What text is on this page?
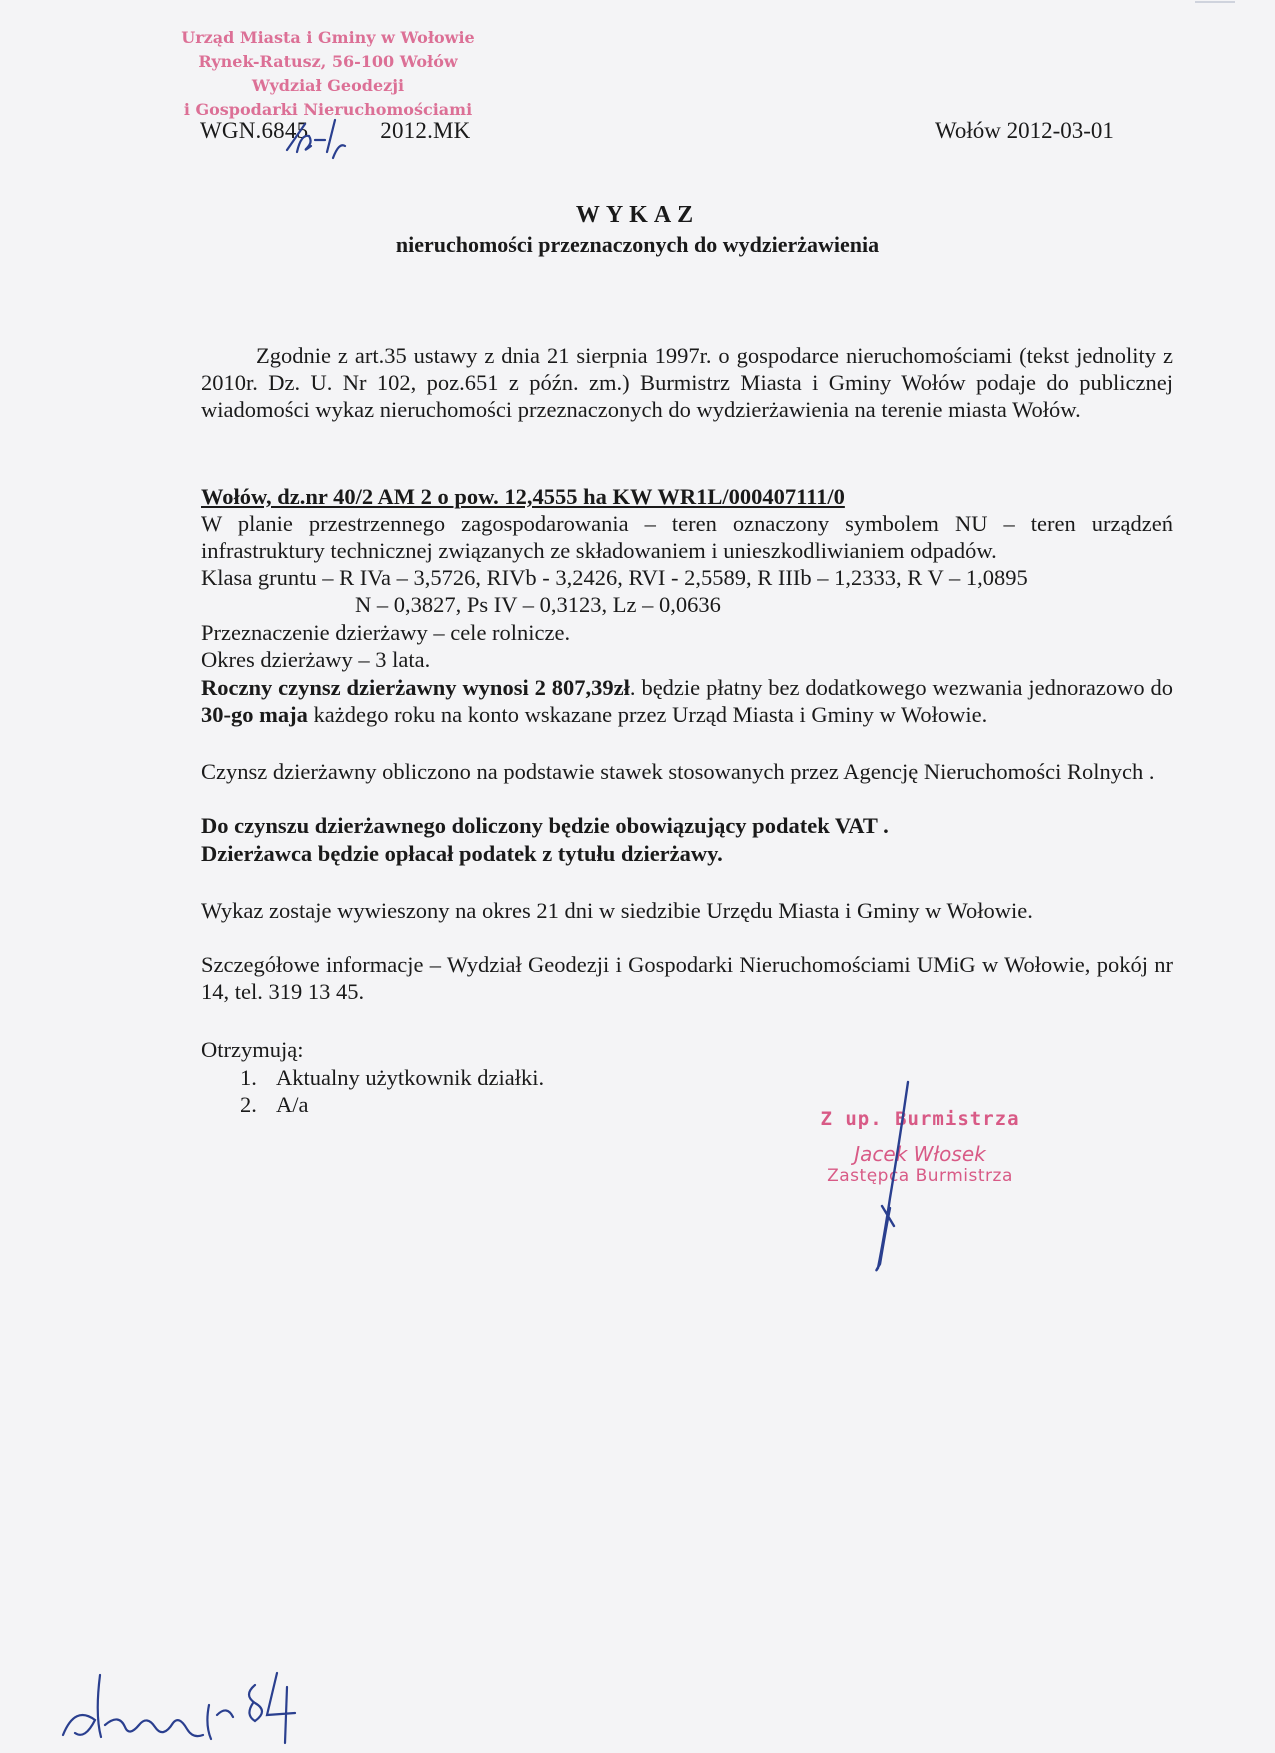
Urząd Miasta i Gminy w Wołowie
Rynek-Ratusz, 56-100 Wołów
Wydział Geodezji
i Gospodarki Nieruchomościami
WGN.6845	2012.MK	Wołów 2012-03-01
WYKAZ
nieruchomości przeznaczonych do wydzierżawienia
Zgodnie z art.35 ustawy z dnia 21 sierpnia 1997r. o gospodarce nieruchomościami (tekst jednolity z 2010r. Dz. U. Nr 102, poz.651 z późn. zm.) Burmistrz Miasta i Gminy Wołów podaje do publicznej wiadomości wykaz nieruchomości przeznaczonych do wydzierżawienia na terenie miasta Wołów.
Wołów, dz.nr 40/2 AM 2 o pow. 12,4555 ha KW WR1L/000407111/0
W planie przestrzennego zagospodarowania – teren oznaczony symbolem NU – teren urządzeń infrastruktury technicznej związanych ze składowaniem i unieszkodliwianiem odpadów.
Klasa gruntu – R IVa – 3,5726, RIVb - 3,2426, RVI - 2,5589, R IIIb – 1,2333, R V – 1,0895
N – 0,3827, Ps IV – 0,3123, Lz – 0,0636
Przeznaczenie dzierżawy – cele rolnicze.
Okres dzierżawy – 3 lata.
Roczny czynsz dzierżawny wynosi 2 807,39zł. będzie płatny bez dodatkowego wezwania jednorazowo do 30-go maja każdego roku na konto wskazane przez Urząd Miasta i Gminy w Wołowie.
Czynsz dzierżawny obliczono na podstawie stawek stosowanych przez Agencję Nieruchomości Rolnych .
Do czynszu dzierżawnego doliczony będzie obowiązujący podatek VAT .
Dzierżawca będzie opłacał podatek z tytułu dzierżawy.
Wykaz zostaje wywieszony na okres 21 dni w siedzibie Urzędu Miasta i Gminy w Wołowie.
Szczegółowe informacje – Wydział Geodezji i Gospodarki Nieruchomościami UMiG w Wołowie, pokój nr 14, tel. 319 13 45.
Otrzymują:
1. Aktualny użytkownik działki.
2. A/a
Z up. Burmistrza
Jacek Włosek
Zastępca Burmistrza
